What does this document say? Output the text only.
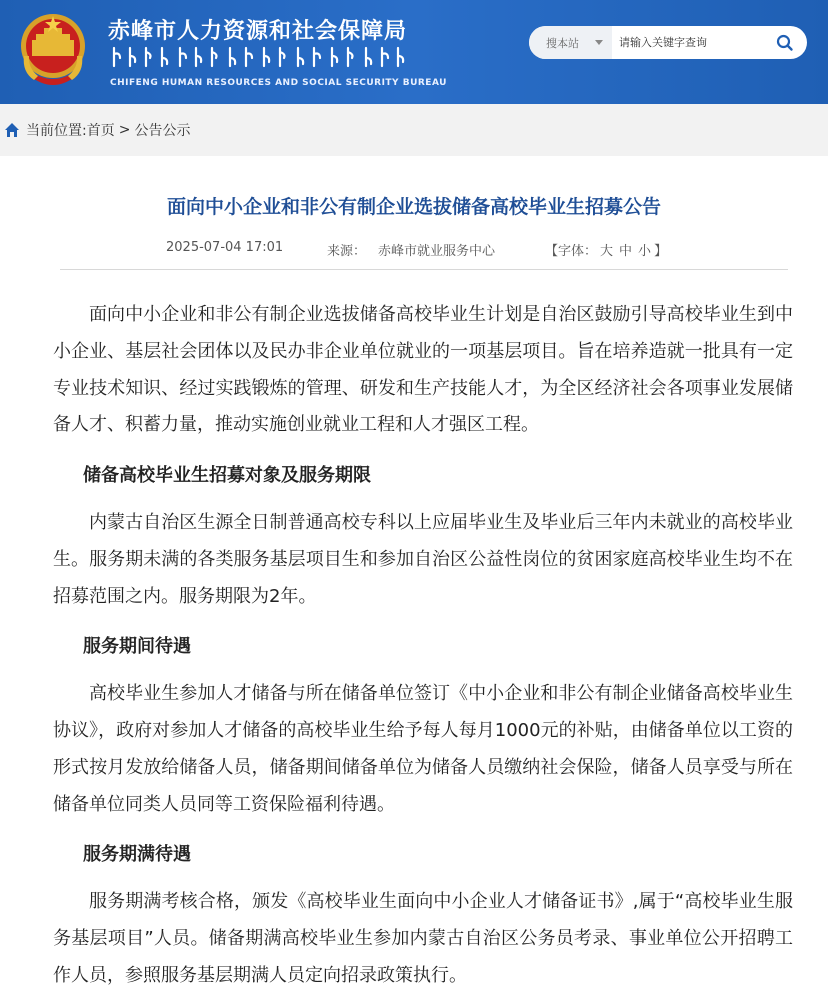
赤峰市人力资源和社会保障局
CHIFENG HUMAN RESOURCES AND SOCIAL SECURITY BUREAU
搜本站
请输入关键字查询
当前位置: 首页 > 公告公示
面向中小企业和非公有制企业选拔储备高校毕业生招募公告
2025-07-04 17:01	来源： 赤峰市就业服务中心	【字体： 大 中 小 】

面向中小企业和非公有制企业选拔储备高校毕业生计划是自治区鼓励引导高校毕业生到中小企业、基层社会团体以及民办非企业单位就业的一项基层项目。旨在培养造就一批具有一定专业技术知识、经过实践锻炼的管理、研发和生产技能人才，为全区经济社会各项事业发展储备人才、积蓄力量，推动实施创业就业工程和人才强区工程。

储备高校毕业生招募对象及服务期限

内蒙古自治区生源全日制普通高校专科以上应届毕业生及毕业后三年内未就业的高校毕业生。服务期未满的各类服务基层项目生和参加自治区公益性岗位的贫困家庭高校毕业生均不在招募范围之内。服务期限为2年。

服务期间待遇

高校毕业生参加人才储备与所在储备单位签订《中小企业和非公有制企业储备高校毕业生协议》，政府对参加人才储备的高校毕业生给予每人每月1000元的补贴，由储备单位以工资的形式按月发放给储备人员，储备期间储备单位为储备人员缴纳社会保险，储备人员享受与所在储备单位同类人员同等工资保险福利待遇。

服务期满待遇

服务期满考核合格，颁发《高校毕业生面向中小企业人才储备证书》,属于“高校毕业生服务基层项目”人员。储备期满高校毕业生参加内蒙古自治区公务员考录、事业单位公开招聘工作人员，参照服务基层期满人员定向招录政策执行。
